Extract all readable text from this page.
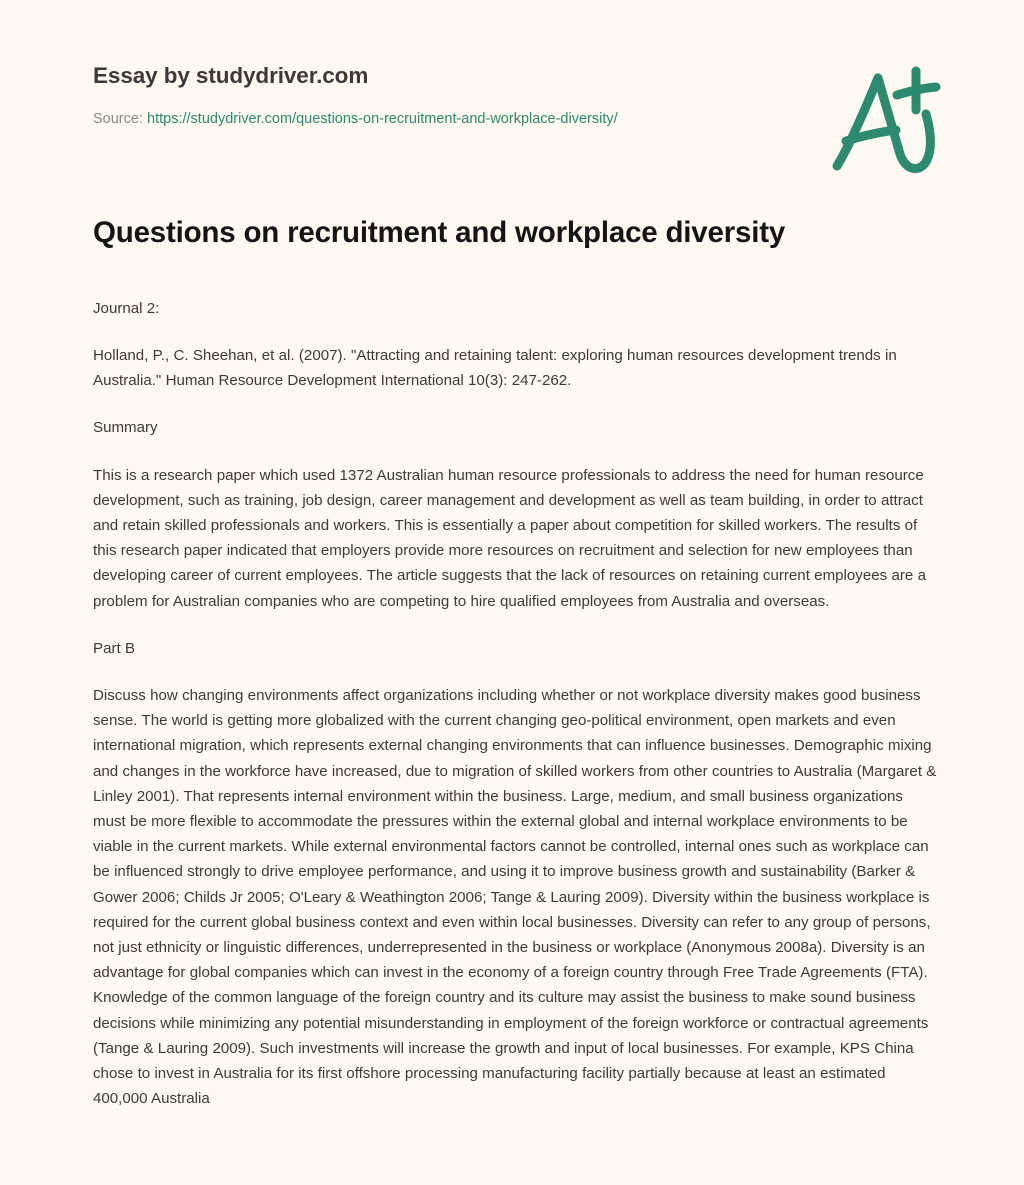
Essay by studydriver.com
Source: https://studydriver.com/questions-on-recruitment-and-workplace-diversity/
Questions on recruitment and workplace diversity

Journal 2:

Holland, P., C. Sheehan, et al. (2007). "Attracting and retaining talent: exploring human resources development trends in Australia." Human Resource Development International 10(3): 247-262.

Summary

This is a research paper which used 1372 Australian human resource professionals to address the need for human resource development, such as training, job design, career management and development as well as team building, in order to attract and retain skilled professionals and workers. This is essentially a paper about competition for skilled workers. The results of this research paper indicated that employers provide more resources on recruitment and selection for new employees than developing career of current employees. The article suggests that the lack of resources on retaining current employees are a problem for Australian companies who are competing to hire qualified employees from Australia and overseas.

Part B

Discuss how changing environments affect organizations including whether or not workplace diversity makes good business sense. The world is getting more globalized with the current changing geo-political environment, open markets and even international migration, which represents external changing environments that can influence businesses. Demographic mixing and changes in the workforce have increased, due to migration of skilled workers from other countries to Australia (Margaret & Linley 2001). That represents internal environment within the business. Large, medium, and small business organizations must be more flexible to accommodate the pressures within the external global and internal workplace environments to be viable in the current markets. While external environmental factors cannot be controlled, internal ones such as workplace can be influenced strongly to drive employee performance, and using it to improve business growth and sustainability (Barker & Gower 2006; Childs Jr 2005; O'Leary & Weathington 2006; Tange & Lauring 2009). Diversity within the business workplace is required for the current global business context and even within local businesses. Diversity can refer to any group of persons, not just ethnicity or linguistic differences, underrepresented in the business or workplace (Anonymous 2008a). Diversity is an advantage for global companies which can invest in the economy of a foreign country through Free Trade Agreements (FTA). Knowledge of the common language of the foreign country and its culture may assist the business to make sound business decisions while minimizing any potential misunderstanding in employment of the foreign workforce or contractual agreements (Tange & Lauring 2009). Such investments will increase the growth and input of local businesses. For example, KPS China chose to invest in Australia for its first offshore processing manufacturing facility partially because at least an estimated 400,000 Australia
